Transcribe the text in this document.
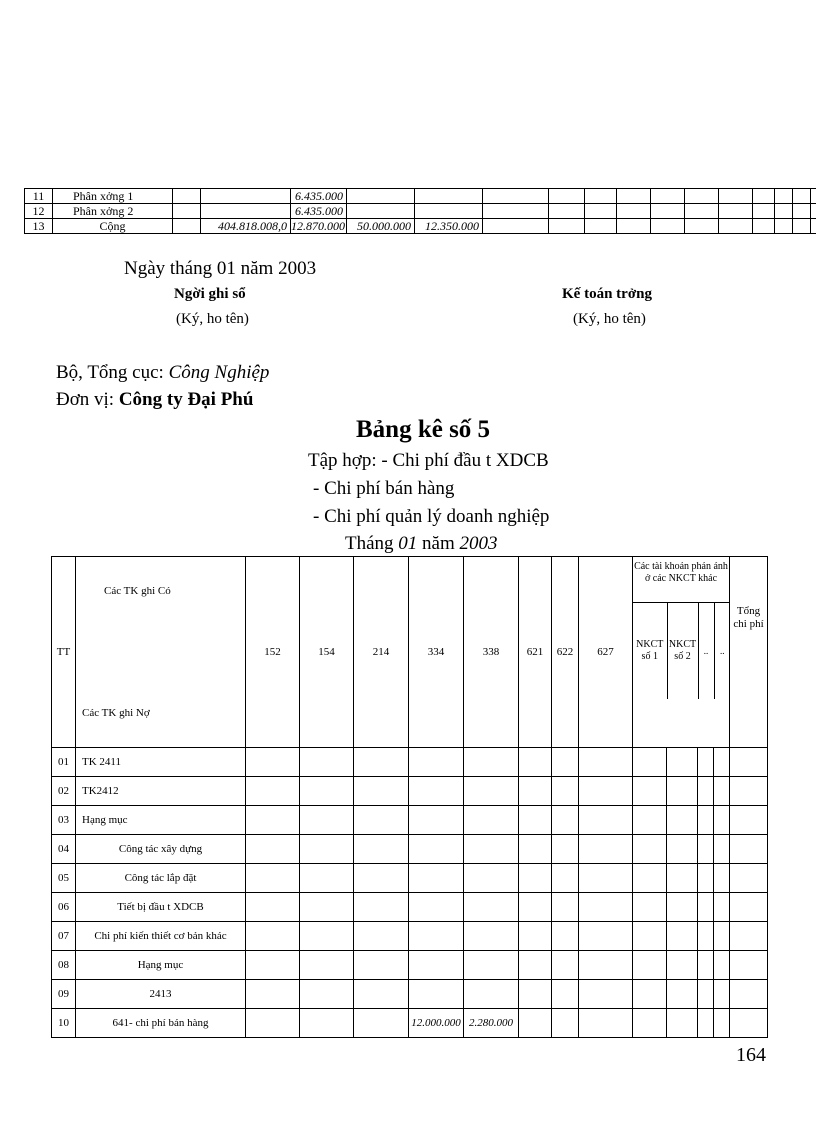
11	Phân xởng 1			6.435.000														
12	Phân xởng 2			6.435.000														
13	Cộng		404.818.008,0	12.870.000	50.000.000	12.350.000												
Ngày tháng 01 năm 2003
Ngời ghi sổ
(Ký, ho tên)
Kế toán trởng
(Ký, ho tên)
Bộ, Tổng cục: Công Nghiệp
Đơn vị: Công ty Đại Phú
Bảng kê số 5
Tập hợp: - Chi phí đầu t XDCB
- Chi phí bán hàng
- Chi phí quản lý doanh nghiệp
Tháng 01 năm 2003
TT	
Các TK ghi Có
Các TK ghi Nợ
	152	154	214	334	338	621	622	627	
Các tài khoản phản ánh ở các NKCT khác
NKCT số 1	NKCT số 2	..	..
	Tổng chi phí
01	TK 2411													
02	TK2412													
03	Hạng mục													
04	Công tác xây dựng													
05	Công tác lắp đặt													
06	Tiết bị đầu t XDCB													
07	Chi phí kiến thiết cơ bản khác													
08	Hạng mục													
09	2413													
10	641- chi phí bán hàng				12.000.000	2.280.000								
164
